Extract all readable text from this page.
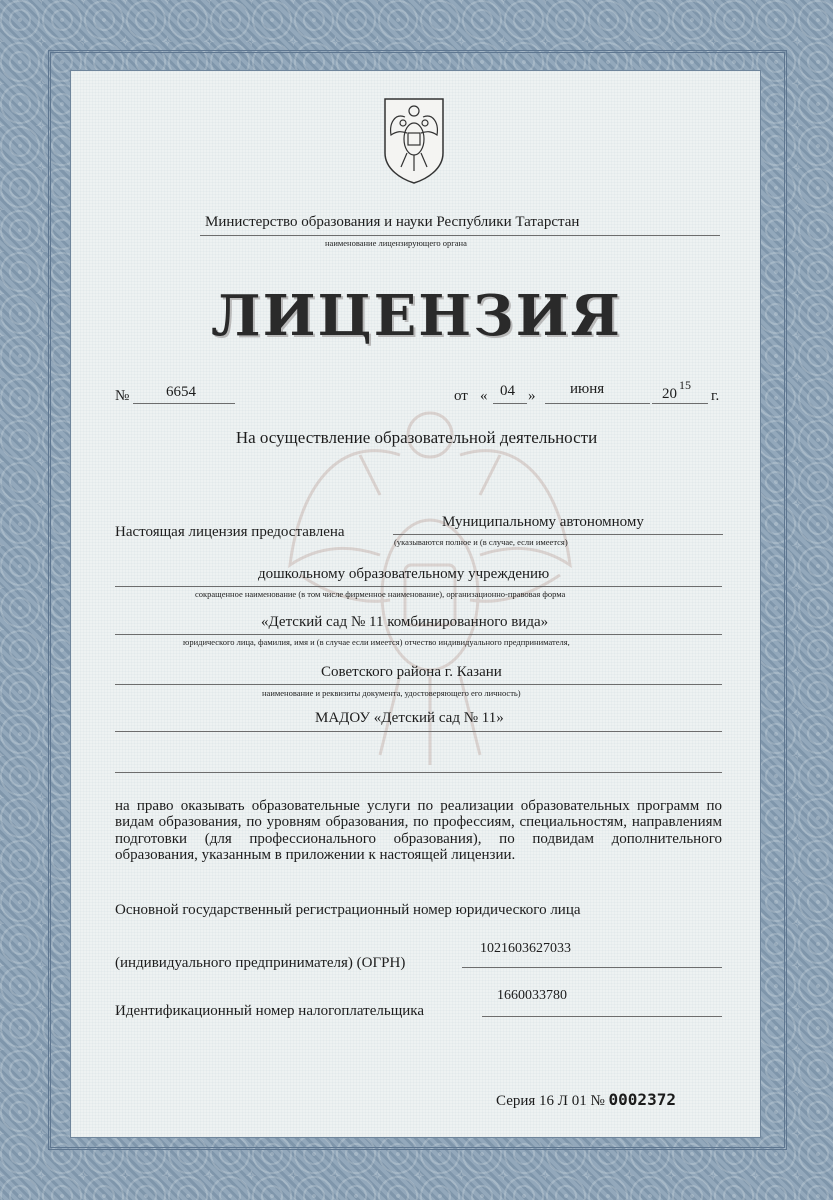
Министерство образования и науки Республики Татарстан
наименование лицензирующего органа
ЛИЦЕНЗИЯ
№ 6654	от « 04 » июня	20
15
г.
На осуществление образовательной деятельности
Настоящая лицензия предоставлена
Муниципальному автономному
(указываются полное и (в случае, если имеется)
дошкольному образовательному учреждению
сокращенное наименование (в том числе фирменное наименование), организационно-правовая форма
«Детский сад № 11 комбинированного вида»
юридического лица, фамилия, имя и (в случае если имеется) отчество индивидуального предпринимателя,
Советского района г. Казани
наименование и реквизиты документа, удостоверяющего его личность)
МАДОУ «Детский сад № 11»
на право оказывать образовательные услуги по реализации образовательных программ по видам образования, по уровням образования, по профессиям, специальностям, направлениям подготовки (для профессионального образования), по подвидам дополнительного образования, указанным в приложении к настоящей лицензии.
Основной государственный регистрационный номер юридического лица
(индивидуального предпринимателя) (ОГРН)
1021603627033
Идентификационный номер налогоплательщика
1660033780
Серия 16 Л 01 № 0002372
